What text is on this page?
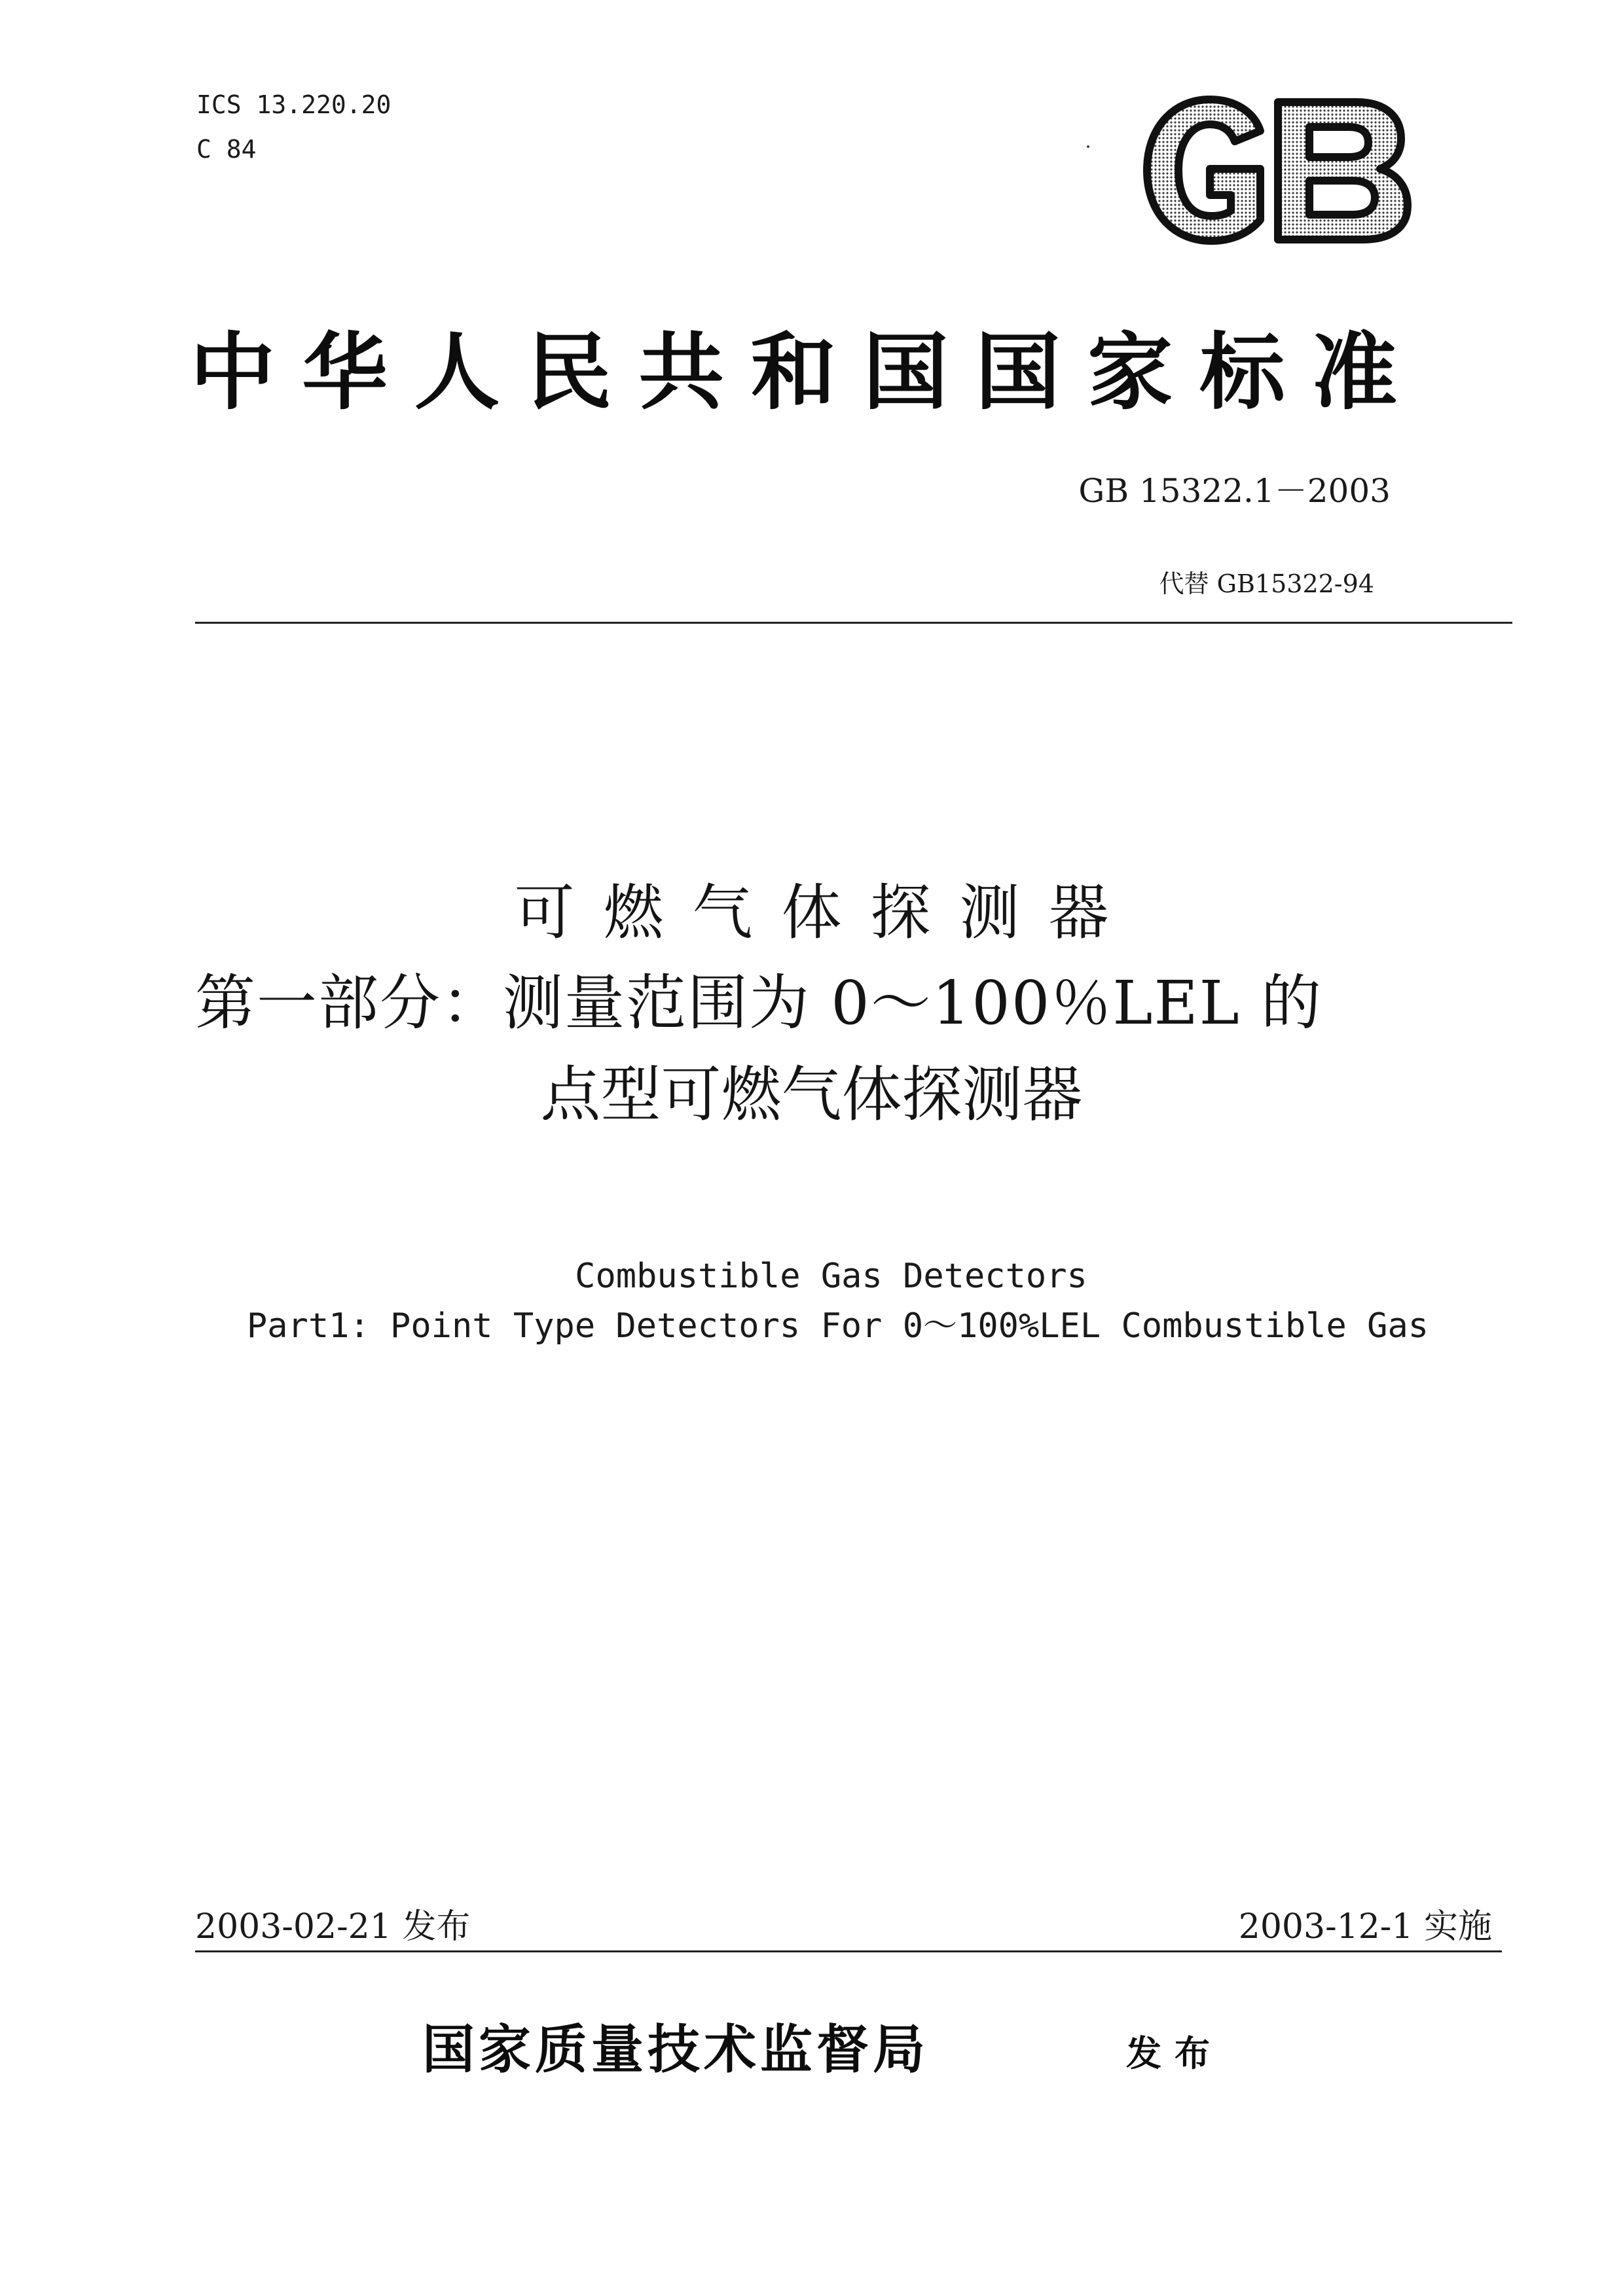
ICS 13.220.20
C 84
中华人民共和国国家标准
GB 15322.1－2003
代替 GB15322-94
可燃气体探测器
第一部分：测量范围为 0～100％LEL 的
点型可燃气体探测器
Combustible Gas Detectors
Part1: Point Type Detectors For 0～100%LEL Combustible Gas
2003-02-21 发布	2003-12-1 实施
国家质量技术监督局	发布
